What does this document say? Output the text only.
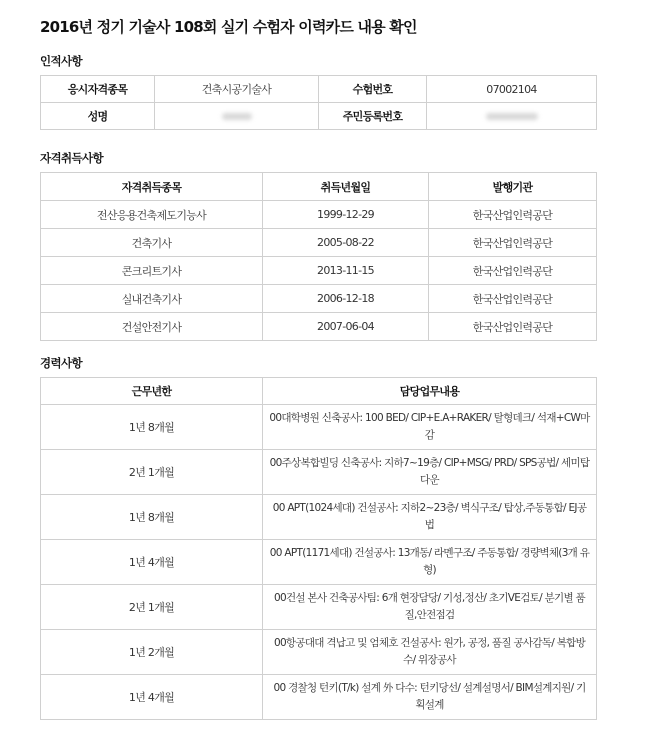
2016년 정기 기술사 108회 실기 수험자 이력카드 내용 확인
인적사항
응시자격종목	건축시공기술사	수험번호	07002104
성명		주민등록번호	
자격취득사항
자격취득종목	취득년월일	발행기관
전산응용건축제도기능사	1999-12-29	한국산업인력공단
건축기사	2005-08-22	한국산업인력공단
콘크리트기사	2013-11-15	한국산업인력공단
실내건축기사	2006-12-18	한국산업인력공단
건설안전기사	2007-06-04	한국산업인력공단
경력사항
근무년한	담당업무내용
1년 8개월	00대학병원 신축공사: 100 BED/ CIP+E.A+RAKER/ 탈형데크/ 석재+CW마감
2년 1개월	00주상복합빌딩 신축공사: 지하7~19층/ CIP+MSG/ PRD/ SPS공법/ 세미탑다운
1년 8개월	00 APT(1024세대) 건설공사: 지하2~23층/ 벽식구조/ 탑상,주동통합/ EJ공법
1년 4개월	00 APT(1171세대) 건설공사: 13개동/ 라멘구조/ 주동통합/ 경량벽체(3개 유형)
2년 1개월	00건설 본사 건축공사팀: 6개 현장담당/ 기성,정산/ 초기VE검토/ 분기별 품질,안전점검
1년 2개월	00항공대대 격납고 및 엄체호 건설공사: 원가, 공정, 품질 공사감독/ 복합방수/ 위장공사
1년 4개월	00 경찰청 턴키(T/k) 설계 外 다수: 턴키당선/ 설계설명서/ BIM설계지원/ 기획설계
